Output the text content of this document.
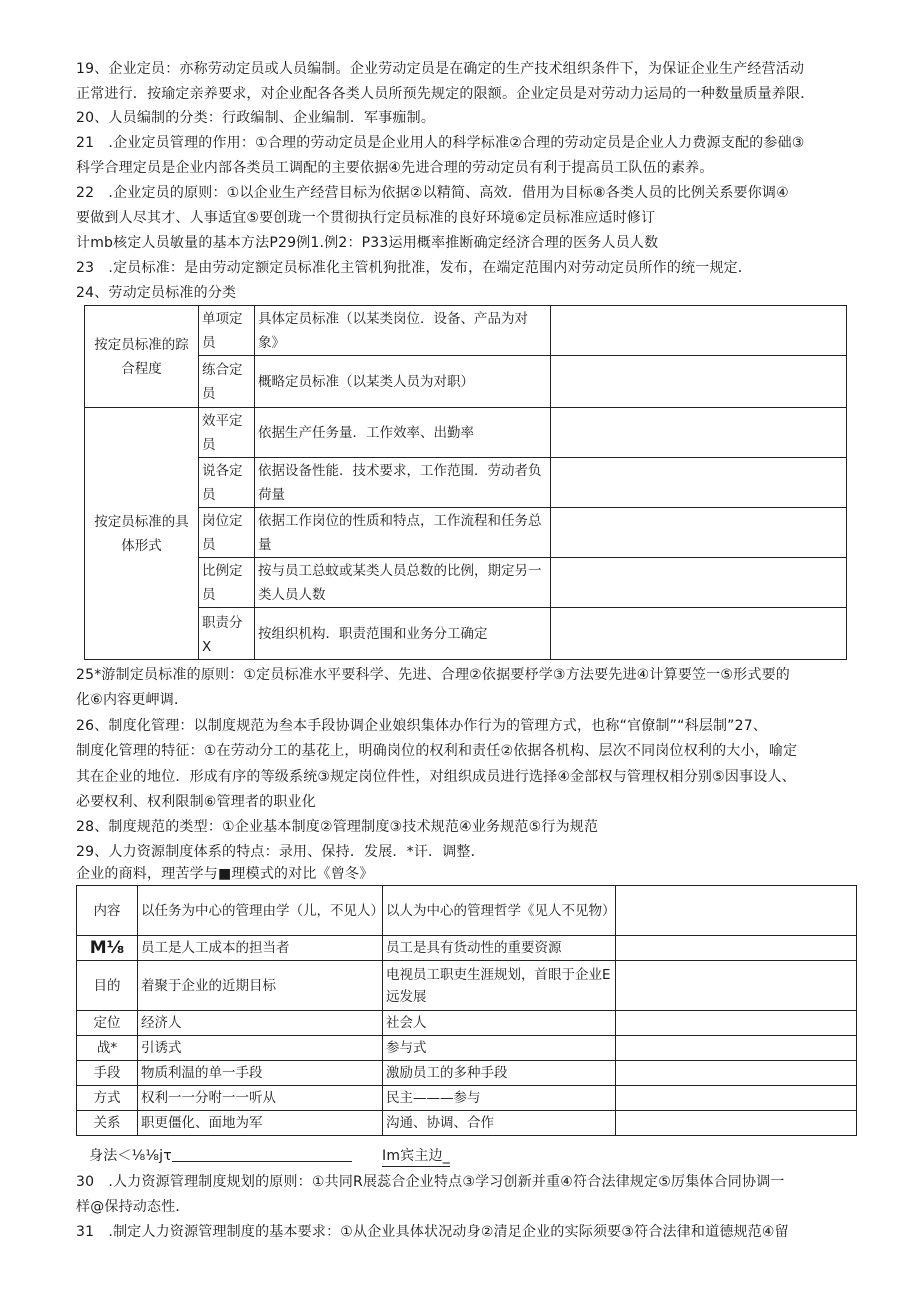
19、企业定员：亦称劳动定员或人员编制。企业劳动定员是在确定的生产技术组织条件下，为保证企业生产经营活动
正常进行．按瑜定亲养要求，对企业配各各类人员所预先规定的限额。企业定员是对劳动力运局的一种数量质量养限．
20、人员编制的分类：行政编制、企业编制．军事痂制。
21　.企业定员管理的作用：①合理的劳动定员是企业用人的科学标准②合理的劳动定员是企业人力费源支配的参础③
科学合理定员是企业内部各类员工调配的主要依据④先进合理的劳动定员有利于提高员工队伍的素养。
22　.企业定员的原则：①以企业生产经营目标为依据②以精简、高效．借用为目标⑧各类人员的比例关系要你调④
要做到人尽其才、人事适宜⑤要创珑一个贯彻执行定员标准的良好环境⑥定员标准应适时修订
计mb核定人员敏量的基本方法P29例1.例2：P33运用概率推断确定经济合理的医务人员人数
23　.定员标准：是由劳动定额定员标准化主管机狗批准，发布，在端定范围内对劳动定员所作的统一规定．
24、劳动定员标准的分类
按定员标准的踪合程度	单项定员	具体定员标准（以某类岗位．设备、产品为对象》	
	练合定员	概略定员标准（以某类人员为对职）	
按定员标准的具体形式	效平定员	依据生产任务量．工作效率、出勤率	
	说各定员	依据设备性能．技术要求，工作范围．劳动者负荷量	
	岗位定员	依据工作岗位的性质和特点，工作流程和任务总量	
	比例定员	按与员工总蚊或某类人员总数的比例，期定另一类人员人数	
	职责分X	按组织机构．职责范围和业务分工确定	
25*游制定员标准的原则：①定员标准水平要科学、先进、合理②依据要杼学③方法要先进④计算要笠一⑤形式要的
化⑥内容更岬调．
26、制度化管理：以制度规范为叁本手段协调企业娘织集体办作行为的管理方式，也称“官僚制”“科层制”27、
制度化管理的特征：①在劳动分工的基花上，明确岗位的权利和责任②依据各机构、层次不同岗位权利的大小，喻定
其在企业的地位．形成有序的等级系统③规定岗位件性，对组织成员进行选择④金部权与管理权相分别⑤因事设人、
必要权利、权利限制⑥管理者的职业化
28、制度规范的类型：①企业基本制度②管理制度③技术规范④业务规范⑤行为规范
29、人力资源制度体系的特点：录用、保持．发展．*讦．调整．
企业的商料，理苦学与■理模式的对比《曾冬》
内容	以任务为中心的管理由学（儿，不见人）	以人为中心的管理哲学《见人不见物）	
M⅛	员工是人工成本的担当者	员工是具有货动性的重要资源	
目的	着聚于企业的近期目标	电视员工职吏生涯规划，首眼于企业E远发展	
定位	经济人	社会人	
战*	引诱式	参与式	
手段	物质利温的单一手段	激励员工的多种手段	
方式	权利一一分咐一一听从	民主———参与	
关系	职更僵化、面地为军	沟通、协调、合作	
身法＜⅛⅛jτ	Im宾主边_
30　.人力资源管理制度规划的原则：①共同R展蕊合企业特点③学习创新并重④符合法律规定⑤厉集体合同协调一
样@保持动态性．
31　.制定人力资源管理制度的基本要求：①从企业具体状况动身②清足企业的实际须要③符合法律和道德规范④留
